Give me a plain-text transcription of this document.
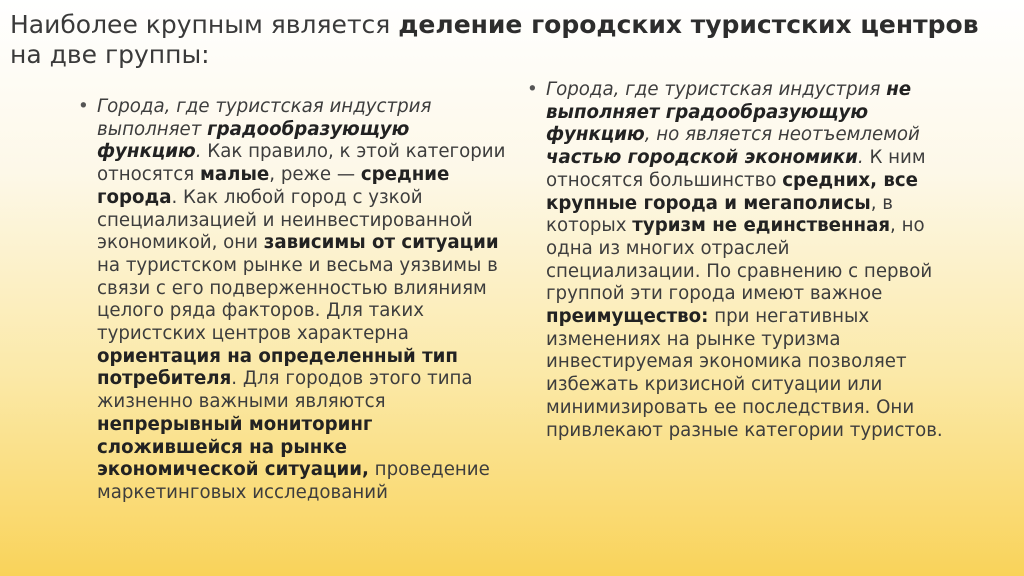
Наиболее крупным является деление городских туристских центров на две группы:
• Города, где туристская индустрия выполняет градообразующую функцию. Как правило, к этой категории относятся малые, реже — средние города. Как любой город с узкой специализацией и неинвестированной экономикой, они зависимы от ситуации на туристском рынке и весьма уязвимы в связи с его подверженностью влияниям целого ряда факторов. Для таких туристских центров характерна ориентация на определенный тип потребителя. Для городов этого типа жизненно важными являются непрерывный мониторинг сложившейся на рынке экономической ситуации, проведение маркетинговых исследований
• Города, где туристская индустрия не выполняет градообразующую функцию, но является неотъемлемой частью городской экономики. К ним относятся большинство средних, все крупные города и мегаполисы, в которых туризм не единственная, но одна из многих отраслей специализации. По сравнению с первой группой эти города имеют важное преимущество: при негативных изменениях на рынке туризма инвестируемая экономика позволяет избежать кризисной ситуации или минимизировать ее последствия. Они привлекают разные категории туристов.
